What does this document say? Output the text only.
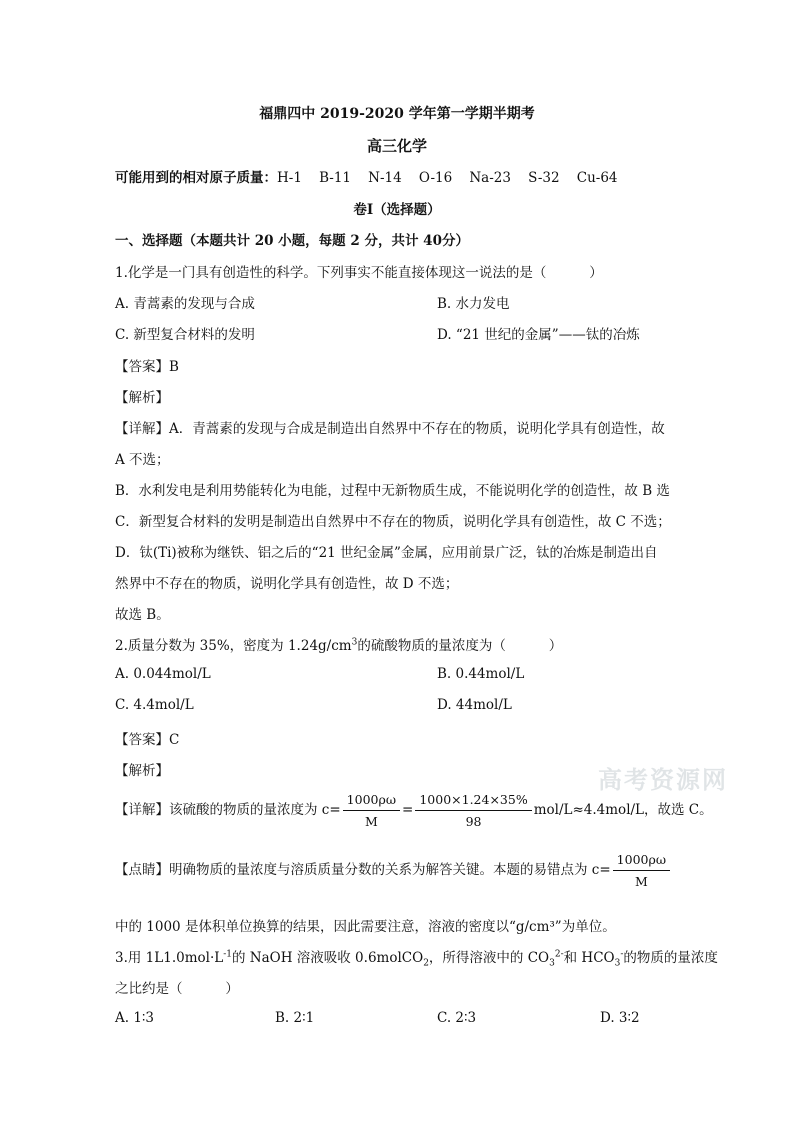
福鼎四中 2019-2020 学年第一学期半期考
高三化学
可能用到的相对原子质量：H-1    B-11    N-14    O-16    Na-23    S-32    Cu-64
卷Ⅰ（选择题）
一、选择题（本题共计 20 小题，每题 2 分，共计 40分）
1.化学是一门具有创造性的科学。下列事实不能直接体现这一说法的是（          ）
A. 青蒿素的发现与合成	B. 水力发电
C. 新型复合材料的发明	D. “21 世纪的金属”——钛的冶炼
【答案】B
【解析】
【详解】A．青蒿素的发现与合成是制造出自然界中不存在的物质，说明化学具有创造性，故
A 不选；
B．水利发电是利用势能转化为电能，过程中无新物质生成，不能说明化学的创造性，故 B 选
C．新型复合材料的发明是制造出自然界中不存在的物质，说明化学具有创造性，故 C 不选；
D．钛(Ti)被称为继铁、铝之后的“21 世纪金属”金属，应用前景广泛，钛的冶炼是制造出自
然界中不存在的物质，说明化学具有创造性，故 D 不选；
故选 B。
2.质量分数为 35%，密度为 $1.24g/cm^3$的硫酸物质的量浓度为（          ）
A. 0.044mol/L	B. 0.44mol/L
C. 4.4mol/L	D. 44mol/L
【答案】C
【解析】
【详解】该硫酸的物质的量浓度为 $c= \frac{1000\rho\omega}{M} = \frac{1000\times 1.24\times 35\%}{98} mol/L\approx 4.4mol/L$，故选 C。
【点睛】明确物质的量浓度与溶质质量分数的关系为解答关键。本题的易错点为 $c= \frac{1000\rho\omega}{M}$
中的 1000 是体积单位换算的结果，因此需要注意，溶液的密度以“g/cm³”为单位。
3.用 $1L1.0mol\cdot L^{-1}$的 NaOH 溶液吸收 0.6molCO$_2$，所得溶液中的 $CO_3^{2-}$和 $HCO_3^-$的物质的量浓度
之比约是（          ）
A. 1∶3	B. 2∶1	C. 2∶3	D. 3∶2
高考资源网
